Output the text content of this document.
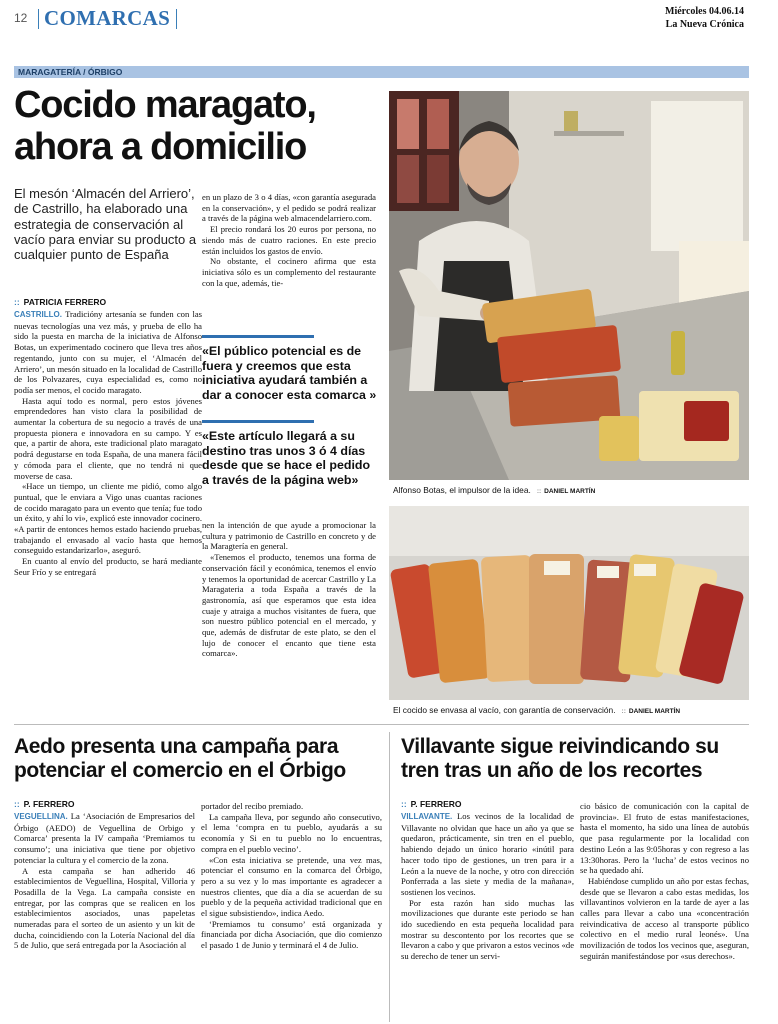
12 COMARCAS	Miércoles 04.06.14
La Nueva Crónica
MARAGATERÍA / ÓRBIGO
Cocido maragato,
ahora a domicilio
El mesón ‘Almacén del Arriero’, de Castrillo, ha elaborado una estrategia de conservación al vacío para enviar su producto a cualquier punto de España
:: PATRICIA FERRERO

CASTRILLO. Tradicióny artesanía se funden con las nuevas tecnologías una vez más, y prueba de ello ha sido la puesta en marcha de la iniciativa de Alfonso Botas, un experimentado cocinero que lleva tres años regentando, junto con su mujer, el ‘Almacén del Arriero’, un mesón situado en la localidad de Castrillo de los Polvazares, cuya especialidad es, como no podía ser menos, el cocido maragato.

Hasta aquí todo es normal, pero estos jóvenes emprendedores han visto clara la posibilidad de aumentar la cobertura de su negocio a través de una propuesta pionera e innovadora en su campo. Y es que, a partir de ahora, este tradicional plato maragato podrá degustarse en toda España, de una manera fácil y cómoda para el cliente, que no tendrá ni que moverse de casa.

«Hace un tiempo, un cliente me pidió, como algo puntual, que le enviara a Vigo unas cuantas raciones de cocido maragato para un evento que tenía; fue todo un éxito, y ahí lo vi», explicó este innovador cocinero. «A partir de entonces hemos estado haciendo pruebas, trabajando el envasado al vacío hasta que hemos conseguido estandarizarlo», aseguró.

En cuanto al envío del producto, se hará mediante Seur Frío y se entregará

en un plazo de 3 o 4 días, «con garantía asegurada en la conservación», y el pedido se podrá realizar a través de la página web almacendelarriero.com.

El precio rondará los 20 euros por persona, no siendo más de cuatro raciones. En este precio están incluidos los gastos de envío.

No obstante, el cocinero afirma que esta iniciativa sólo es un complemento del restaurante con la que, además, tie-

«El público potencial es de fuera y creemos que esta iniciativa ayudará también a dar a conocer esta comarca »
«Este artículo llegará a su destino tras unos 3 ó 4 días desde que se hace el pedido a través de la página web»

nen la intención de que ayude a promocionar la cultura y patrimonio de Castrillo en concreto y de la Maragtería en general.

«Tenemos el producto, tenemos una forma de conservación fácil y económica, tenemos el envío y tenemos la oportunidad de acercar Castrillo y La Maragateria a toda España a través de la gastronomía, así que esperamos que esta idea cuaje y atraiga a muchos visitantes de fuera, que son nuestro público potencial en el mercado, y que, además de disfrutar de este plato, se den el lujo de conocer el encanto que tiene esta comarca».

Alfonso Botas, el impulsor de la idea. :: DANIEL MARTÍN
El cocido se envasa al vacío, con garantía de conservación. :: DANIEL MARTÍN
Aedo presenta una campaña para
potenciar el comercio en el Órbigo
:: P. FERRERO

VEGUELLINA. La ‘Asociación de Empresarios del Órbigo (AEDO) de Veguellina de Orbigo y Comarca’ presenta la IV campaña ‘Premiamos tu consumo’; una iniciativa que tiene por objetivo potenciar la cultura y el comercio de la zona.

A esta campaña se han adherido 46 establecimientos de Veguellina, Hospital, Villoria y Posadilla de la Vega. La campaña consiste en entregar, por las compras que se realicen en los establecimientos asociados, unas papeletas numeradas para el sorteo de un asiento y un kit de ducha, coincidiendo con la Lotería Nacional del día 5 de Julio, que será entregada por la Asociación al

portador del recibo premiado.

La campaña lleva, por segundo año consecutivo, el lema ‘compra en tu pueblo, ayudarás a su economía y Si en tu pueblo no lo encuentras, compra en el pueblo vecino’.

«Con esta iniciativa se pretende, una vez mas, potenciar el consumo en la comarca del Órbigo, pero a su vez y lo mas importante es agradecer a nuestros clientes, que día a día se acuerdan de su pueblo y de la pequeña actividad tradicional que en el sigue subsistiendo», indica Aedo.

‘Premiamos tu consumo’ está organizada y financiada por dicha Asociación, que dio comienzo el pasado 1 de Junio y terminará el 4 de Julio.

Villavante sigue reivindicando su
tren tras un año de los recortes
:: P. FERRERO

VILLAVANTE. Los vecinos de la localidad de Villavante no olvidan que hace un año ya que se quedaron, prácticamente, sin tren en el pueblo, habiendo dejado un único horario «inútil para hacer todo tipo de gestiones, un tren para ir a León a la nueve de la noche, y otro con dirección Ponferrada a las siete y media de la mañana», sostienen los vecinos.

Por esta razón han sido muchas las movilizaciones que durante este periodo se han ido sucediendo en esta pequeña localidad para mostrar su descontento por los recortes que se llevaron a cabo y que privaron a estos vecinos «de su derecho de tener un servi-

cio básico de comunicación con la capital de provincia». El fruto de estas manifestaciones, hasta el momento, ha sido una línea de autobús que pasa regularmente por la localidad con destino León a las 9:05horas y con regreso a las 13:30horas. Pero la ‘lucha’ de estos vecinos no se ha quedado ahí.

Habiéndose cumplido un año por estas fechas, desde que se llevaron a cabo estas medidas, los villavantinos volvieron en la tarde de ayer a las calles para llevar a cabo una «concentración reivindicativa de acceso al transporte público colectivo en el medio rural leonés». Una movilización de todos los vecinos que, aseguran, seguirán manifestándose por «sus derechos».
